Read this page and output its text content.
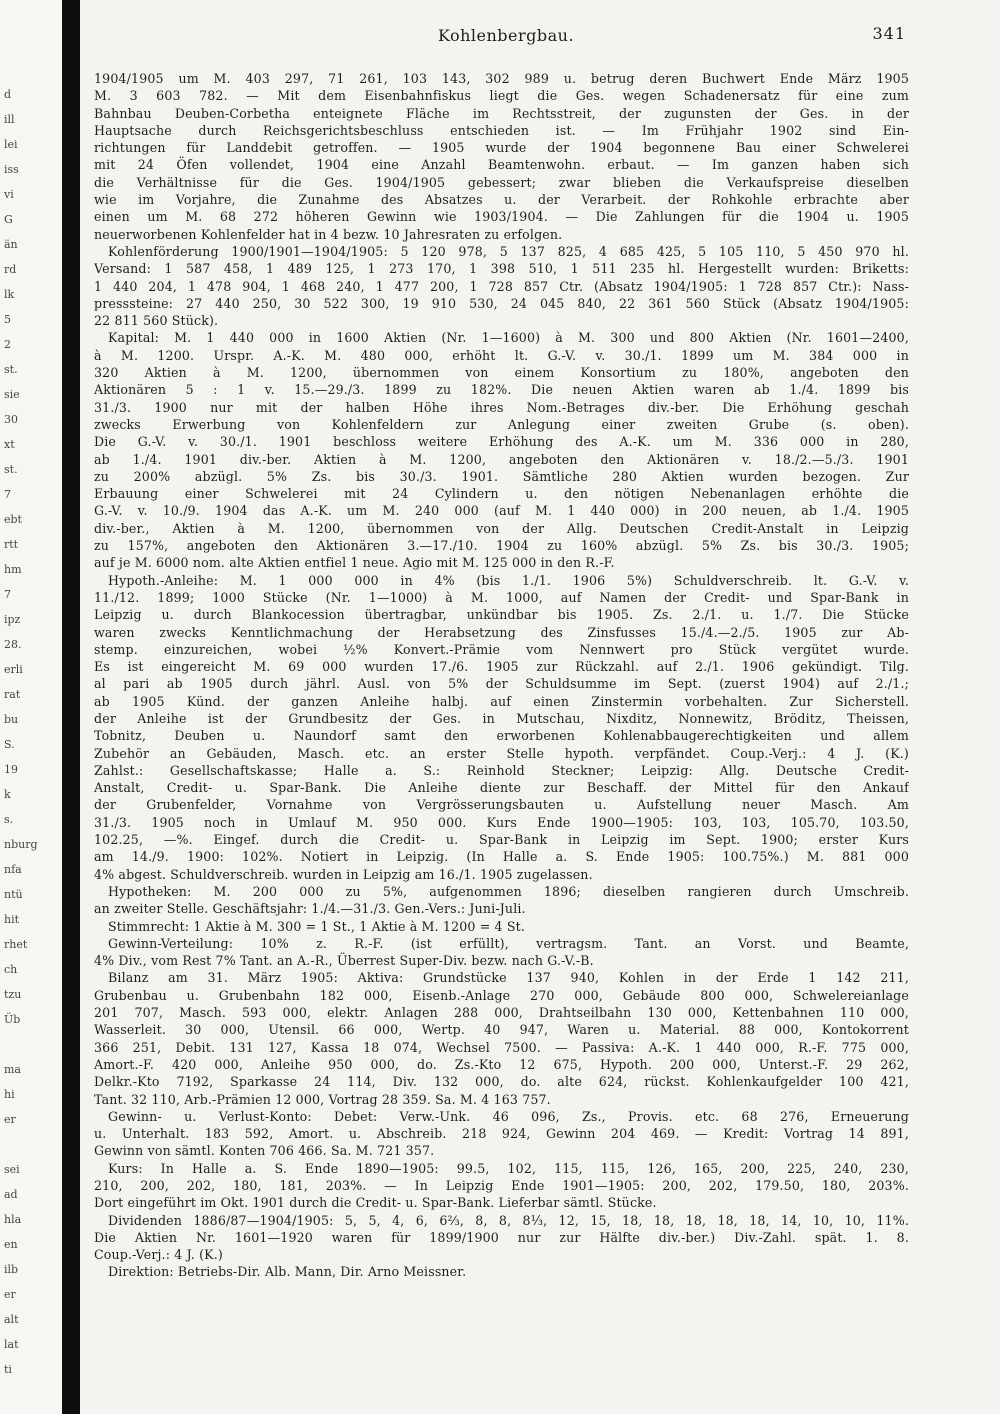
d
ill
lei
iss
vi
G
än
rd
lk
5
2
st.
sie
30
xt
st.
7
ebt
rtt
hm
7
ipz
28.
erli
rat
bu
S.
19
k
s.
nburg
nfa
ntü
hit
rhet
ch
tzu
Üb
ma
hi
er
sei
ad
hla
en
ilb
er
alt
lat
ti
Kohlenbergbau.	341
1904/1905 um M. 403 297, 71 261, 103 143, 302 989 u. betrug deren Buchwert Ende März 1905
M. 3 603 782. — Mit dem Eisenbahnfiskus liegt die Ges. wegen Schadenersatz für eine zum
Bahnbau Deuben-Corbetha enteignete Fläche im Rechtsstreit, der zugunsten der Ges. in der
Hauptsache durch Reichsgerichtsbeschluss entschieden ist. — Im Frühjahr 1902 sind Ein-
richtungen für Landdebit getroffen. — 1905 wurde der 1904 begonnene Bau einer Schwelerei
mit 24 Öfen vollendet, 1904 eine Anzahl Beamtenwohn. erbaut. — Im ganzen haben sich
die Verhältnisse für die Ges. 1904/1905 gebessert; zwar blieben die Verkaufspreise dieselben
wie im Vorjahre, die Zunahme des Absatzes u. der Verarbeit. der Rohkohle erbrachte aber
einen um M. 68 272 höheren Gewinn wie 1903/1904. — Die Zahlungen für die 1904 u. 1905
neuerworbenen Kohlenfelder hat in 4 bezw. 10 Jahresraten zu erfolgen.
Kohlenförderung 1900/1901—1904/1905: 5 120 978, 5 137 825, 4 685 425, 5 105 110, 5 450 970 hl.
Versand: 1 587 458, 1 489 125, 1 273 170, 1 398 510, 1 511 235 hl. Hergestellt wurden: Briketts:
1 440 204, 1 478 904, 1 468 240, 1 477 200, 1 728 857 Ctr. (Absatz 1904/1905: 1 728 857 Ctr.): Nass-
presssteine: 27 440 250, 30 522 300, 19 910 530, 24 045 840, 22 361 560 Stück (Absatz 1904/1905:
22 811 560 Stück).
Kapital: M. 1 440 000 in 1600 Aktien (Nr. 1—1600) à M. 300 und 800 Aktien (Nr. 1601—2400,
à M. 1200. Urspr. A.-K. M. 480 000, erhöht lt. G.-V. v. 30./1. 1899 um M. 384 000 in
320 Aktien à M. 1200, übernommen von einem Konsortium zu 180%, angeboten den
Aktionären 5 : 1 v. 15.—29./3. 1899 zu 182%. Die neuen Aktien waren ab 1./4. 1899 bis
31./3. 1900 nur mit der halben Höhe ihres Nom.-Betrages div.-ber. Die Erhöhung geschah
zwecks Erwerbung von Kohlenfeldern zur Anlegung einer zweiten Grube (s. oben).
Die G.-V. v. 30./1. 1901 beschloss weitere Erhöhung des A.-K. um M. 336 000 in 280,
ab 1./4. 1901 div.-ber. Aktien à M. 1200, angeboten den Aktionären v. 18./2.—5./3. 1901
zu 200% abzügl. 5% Zs. bis 30./3. 1901. Sämtliche 280 Aktien wurden bezogen. Zur
Erbauung einer Schwelerei mit 24 Cylindern u. den nötigen Nebenanlagen erhöhte die
G.-V. v. 10./9. 1904 das A.-K. um M. 240 000 (auf M. 1 440 000) in 200 neuen, ab 1./4. 1905
div.-ber., Aktien à M. 1200, übernommen von der Allg. Deutschen Credit-Anstalt in Leipzig
zu 157%, angeboten den Aktionären 3.—17./10. 1904 zu 160% abzügl. 5% Zs. bis 30./3. 1905;
auf je M. 6000 nom. alte Aktien entfiel 1 neue. Agio mit M. 125 000 in den R.-F.
Hypoth.-Anleihe: M. 1 000 000 in 4% (bis 1./1. 1906 5%) Schuldverschreib. lt. G.-V. v.
11./12. 1899; 1000 Stücke (Nr. 1—1000) à M. 1000, auf Namen der Credit- und Spar-Bank in
Leipzig u. durch Blankocession übertragbar, unkündbar bis 1905. Zs. 2./1. u. 1./7. Die Stücke
waren zwecks Kenntlichmachung der Herabsetzung des Zinsfusses 15./4.—2./5. 1905 zur Ab-
stemp. einzureichen, wobei ½% Konvert.-Prämie vom Nennwert pro Stück vergütet wurde.
Es ist eingereicht M. 69 000 wurden 17./6. 1905 zur Rückzahl. auf 2./1. 1906 gekündigt. Tilg.
al pari ab 1905 durch jährl. Ausl. von 5% der Schuldsumme im Sept. (zuerst 1904) auf 2./1.;
ab 1905 Künd. der ganzen Anleihe halbj. auf einen Zinstermin vorbehalten. Zur Sicherstell.
der Anleihe ist der Grundbesitz der Ges. in Mutschau, Nixditz, Nonnewitz, Bröditz, Theissen,
Tobnitz, Deuben u. Naundorf samt den erworbenen Kohlenabbaugerechtigkeiten und allem
Zubehör an Gebäuden, Masch. etc. an erster Stelle hypoth. verpfändet. Coup.-Verj.: 4 J. (K.)
Zahlst.: Gesellschaftskasse; Halle a. S.: Reinhold Steckner; Leipzig: Allg. Deutsche Credit-
Anstalt, Credit- u. Spar-Bank. Die Anleihe diente zur Beschaff. der Mittel für den Ankauf
der Grubenfelder, Vornahme von Vergrösserungsbauten u. Aufstellung neuer Masch. Am
31./3. 1905 noch in Umlauf M. 950 000. Kurs Ende 1900—1905: 103, 103, 105.70, 103.50,
102.25, —%. Eingef. durch die Credit- u. Spar-Bank in Leipzig im Sept. 1900; erster Kurs
am 14./9. 1900: 102%. Notiert in Leipzig. (In Halle a. S. Ende 1905: 100.75%.) M. 881 000
4% abgest. Schuldverschreib. wurden in Leipzig am 16./1. 1905 zugelassen.
Hypotheken: M. 200 000 zu 5%, aufgenommen 1896; dieselben rangieren durch Umschreib.
an zweiter Stelle. Geschäftsjahr: 1./4.—31./3. Gen.-Vers.: Juni-Juli.
Stimmrecht: 1 Aktie à M. 300 = 1 St., 1 Aktie à M. 1200 = 4 St.
Gewinn-Verteilung: 10% z. R.-F. (ist erfüllt), vertragsm. Tant. an Vorst. und Beamte,
4% Div., vom Rest 7% Tant. an A.-R., Überrest Super-Div. bezw. nach G.-V.-B.
Bilanz am 31. März 1905: Aktiva: Grundstücke 137 940, Kohlen in der Erde 1 142 211,
Grubenbau u. Grubenbahn 182 000, Eisenb.-Anlage 270 000, Gebäude 800 000, Schwelereianlage
201 707, Masch. 593 000, elektr. Anlagen 288 000, Drahtseilbahn 130 000, Kettenbahnen 110 000,
Wasserleit. 30 000, Utensil. 66 000, Wertp. 40 947, Waren u. Material. 88 000, Kontokorrent
366 251, Debit. 131 127, Kassa 18 074, Wechsel 7500. — Passiva: A.-K. 1 440 000, R.-F. 775 000,
Amort.-F. 420 000, Anleihe 950 000, do. Zs.-Kto 12 675, Hypoth. 200 000, Unterst.-F. 29 262,
Delkr.-Kto 7192, Sparkasse 24 114, Div. 132 000, do. alte 624, rückst. Kohlenkaufgelder 100 421,
Tant. 32 110, Arb.-Prämien 12 000, Vortrag 28 359. Sa. M. 4 163 757.
Gewinn- u. Verlust-Konto: Debet: Verw.-Unk. 46 096, Zs., Provis. etc. 68 276, Erneuerung
u. Unterhalt. 183 592, Amort. u. Abschreib. 218 924, Gewinn 204 469. — Kredit: Vortrag 14 891,
Gewinn von sämtl. Konten 706 466. Sa. M. 721 357.
Kurs: In Halle a. S. Ende 1890—1905: 99.5, 102, 115, 115, 126, 165, 200, 225, 240, 230,
210, 200, 202, 180, 181, 203%. — In Leipzig Ende 1901—1905: 200, 202, 179.50, 180, 203%.
Dort eingeführt im Okt. 1901 durch die Credit- u. Spar-Bank. Lieferbar sämtl. Stücke.
Dividenden 1886/87—1904/1905: 5, 5, 4, 6, 6⅔, 8, 8, 8⅓, 12, 15, 18, 18, 18, 18, 18, 14, 10, 10, 11%.
Die Aktien Nr. 1601—1920 waren für 1899/1900 nur zur Hälfte div.-ber.) Div.-Zahl. spät. 1. 8.
Coup.-Verj.: 4 J. (K.)
Direktion: Betriebs-Dir. Alb. Mann, Dir. Arno Meissner.
